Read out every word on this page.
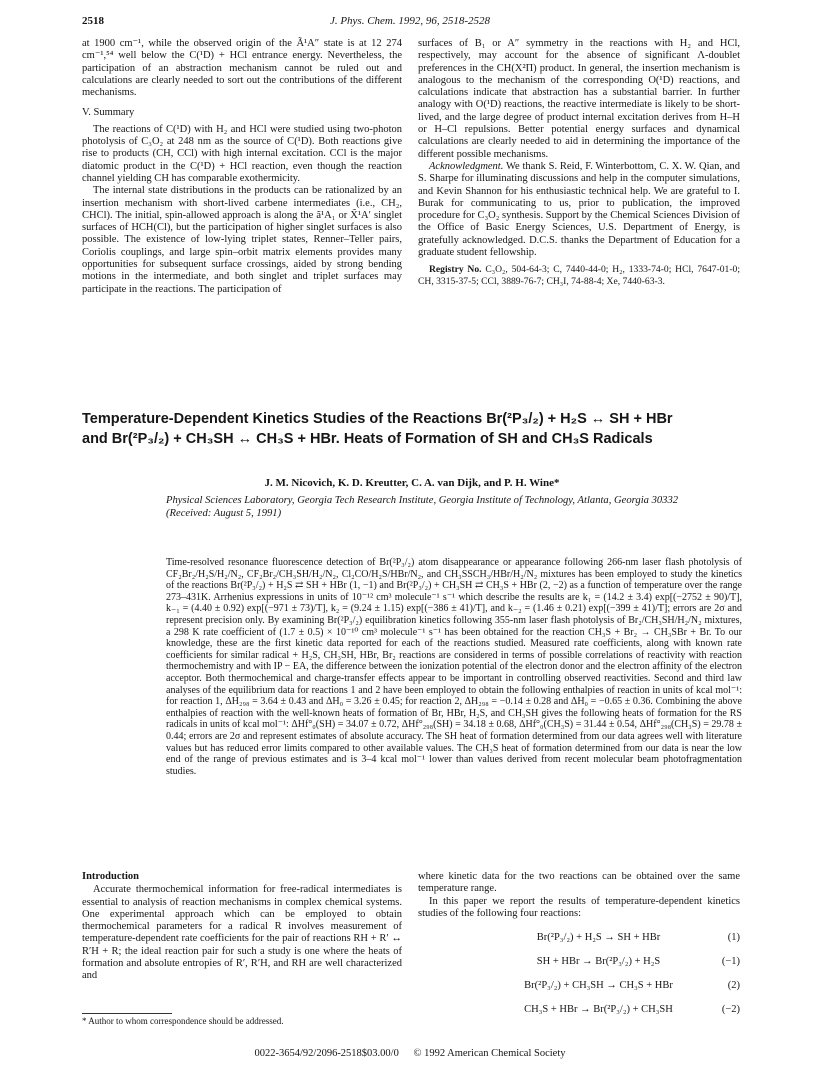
2518	J. Phys. Chem. 1992, 96, 2518-2528

at 1900 cm⁻¹, while the observed origin of the Ã¹A″ state is at 12 274 cm⁻¹,⁵⁴ well below the C(¹D) + HCl entrance energy. Nevertheless, the participation of an abstraction mechanism cannot be ruled out and calculations are clearly needed to sort out the contributions of the different mechanisms.

V. Summary

The reactions of C(¹D) with H₂ and HCl were studied using two-photon photolysis of C₃O₂ at 248 nm as the source of C(¹D). Both reactions give rise to products (CH, CCl) with high internal excitation. CCl is the major diatomic product in the C(¹D) + HCl reaction, even though the reaction channel yielding CH has comparable exothermicity.

The internal state distributions in the products can be rationalized by an insertion mechanism with short-lived carbene intermediates (i.e., CH₂, CHCl). The initial, spin-allowed approach is along the ã¹A₁ or X̃¹A′ singlet surfaces of HCH(Cl), but the participation of higher singlet surfaces is also possible. The existence of low-lying triplet states, Renner–Teller pairs, Coriolis couplings, and large spin–orbit matrix elements provides many opportunities for subsequent surface crossings, aided by strong bending motions in the intermediate, and both singlet and triplet surfaces may participate in the reactions. The participation of

surfaces of B₁ or A″ symmetry in the reactions with H₂ and HCl, respectively, may account for the absence of significant Λ-doublet preferences in the CH(X²Π) product. In general, the insertion mechanism is analogous to the mechanism of the corresponding O(¹D) reactions, and calculations indicate that abstraction has a substantial barrier. In further analogy with O(¹D) reactions, the reactive intermediate is likely to be short-lived, and the large degree of product internal excitation derives from H–H or H–Cl repulsions. Better potential energy surfaces and dynamical calculations are clearly needed to aid in determining the importance of the different possible mechanisms.

Acknowledgment. We thank S. Reid, F. Winterbottom, C. X. W. Qian, and S. Sharpe for illuminating discussions and help in the computer simulations, and Kevin Shannon for his enthusiastic technical help. We are grateful to I. Burak for communicating to us, prior to publication, the improved procedure for C₃O₂ synthesis. Support by the Chemical Sciences Division of the Office of Basic Energy Sciences, U.S. Department of Energy, is gratefully acknowledged. D.C.S. thanks the Department of Education for a graduate student fellowship.

Registry No. C₃O₂, 504-64-3; C, 7440-44-0; H₂, 1333-74-0; HCl, 7647-01-0; CH, 3315-37-5; CCl, 3889-76-7; CH₃I, 74-88-4; Xe, 7440-63-3.

Temperature-Dependent Kinetics Studies of the Reactions Br(²P₃/₂) + H₂S ↔ SH + HBr
and Br(²P₃/₂) + CH₃SH ↔ CH₃S + HBr. Heats of Formation of SH and CH₃S Radicals
J. M. Nicovich, K. D. Kreutter, C. A. van Dijk, and P. H. Wine*
Physical Sciences Laboratory, Georgia Tech Research Institute, Georgia Institute of Technology, Atlanta, Georgia 30332 (Received: August 5, 1991)
Time-resolved resonance fluorescence detection of Br(²P₃/₂) atom disappearance or appearance following 266-nm laser flash photolysis of CF₂Br₂/H₂S/H₂/N₂, CF₂Br₂/CH₃SH/H₂/N₂, Cl₂CO/H₂S/HBr/N₂, and CH₃SSCH₃/HBr/H₂/N₂ mixtures has been employed to study the kinetics of the reactions Br(²P₃/₂) + H₂S ⇄ SH + HBr (1, −1) and Br(²P₃/₂) + CH₃SH ⇄ CH₃S + HBr (2, −2) as a function of temperature over the range 273–431K. Arrhenius expressions in units of 10⁻¹² cm³ molecule⁻¹ s⁻¹ which describe the results are k₁ = (14.2 ± 3.4) exp[(−2752 ± 90)/T], k₋₁ = (4.40 ± 0.92) exp[(−971 ± 73)/T], k₂ = (9.24 ± 1.15) exp[(−386 ± 41)/T], and k₋₂ = (1.46 ± 0.21) exp[(−399 ± 41)/T]; errors are 2σ and represent precision only. By examining Br(²P₃/₂) equilibration kinetics following 355-nm laser flash photolysis of Br₂/CH₃SH/H₂/N₂ mixtures, a 298 K rate coefficient of (1.7 ± 0.5) × 10⁻¹⁰ cm³ molecule⁻¹ s⁻¹ has been obtained for the reaction CH₃S + Br₂ → CH₃SBr + Br. To our knowledge, these are the first kinetic data reported for each of the reactions studied. Measured rate coefficients, along with known rate coefficients for similar radical + H₂S, CH₃SH, HBr, Br₂ reactions are considered in terms of possible correlations of reactivity with reaction thermochemistry and with IP − EA, the difference between the ionization potential of the electron donor and the electron affinity of the electron acceptor. Both thermochemical and charge-transfer effects appear to be important in controlling observed reactivities. Second and third law analyses of the equilibrium data for reactions 1 and 2 have been employed to obtain the following enthalpies of reaction in units of kcal mol⁻¹: for reaction 1, ΔH₂₉₈ = 3.64 ± 0.43 and ΔH₀ = 3.26 ± 0.45; for reaction 2, ΔH₂₉₈ = −0.14 ± 0.28 and ΔH₀ = −0.65 ± 0.36. Combining the above enthalpies of reaction with the well-known heats of formation of Br, HBr, H₂S, and CH₃SH gives the following heats of formation for the RS radicals in units of kcal mol⁻¹: ΔHf°₀(SH) = 34.07 ± 0.72, ΔHf°₂₉₈(SH) = 34.18 ± 0.68, ΔHf°₀(CH₃S) = 31.44 ± 0.54, ΔHf°₂₉₈(CH₃S) = 29.78 ± 0.44; errors are 2σ and represent estimates of absolute accuracy. The SH heat of formation determined from our data agrees well with literature values but has reduced error limits compared to other available values. The CH₃S heat of formation determined from our data is near the low end of the range of previous estimates and is 3–4 kcal mol⁻¹ lower than values derived from recent molecular beam photofragmentation studies.
Introduction

Accurate thermochemical information for free-radical intermediates is essential to analysis of reaction mechanisms in complex chemical systems. One experimental approach which can be employed to obtain thermochemical parameters for a radical R involves measurement of temperature-dependent rate coefficients for the pair of reactions RH + R′ ↔ R′H + R; the ideal reaction pair for such a study is one where the heats of formation and absolute entropies of R′, R′H, and RH are well characterized and

where kinetic data for the two reactions can be obtained over the same temperature range.

In this paper we report the results of temperature-dependent kinetics studies of the following four reactions:

Br(²P₃/₂) + H₂S → SH + HBr	(1)
SH + HBr → Br(²P₃/₂) + H₂S	(−1)
Br(²P₃/₂) + CH₃SH → CH₃S + HBr	(2)
CH₃S + HBr → Br(²P₃/₂) + CH₃SH	(−2)
* Author to whom correspondence should be addressed.
0022-3654/92/2096-2518$03.00/0 © 1992 American Chemical Society
